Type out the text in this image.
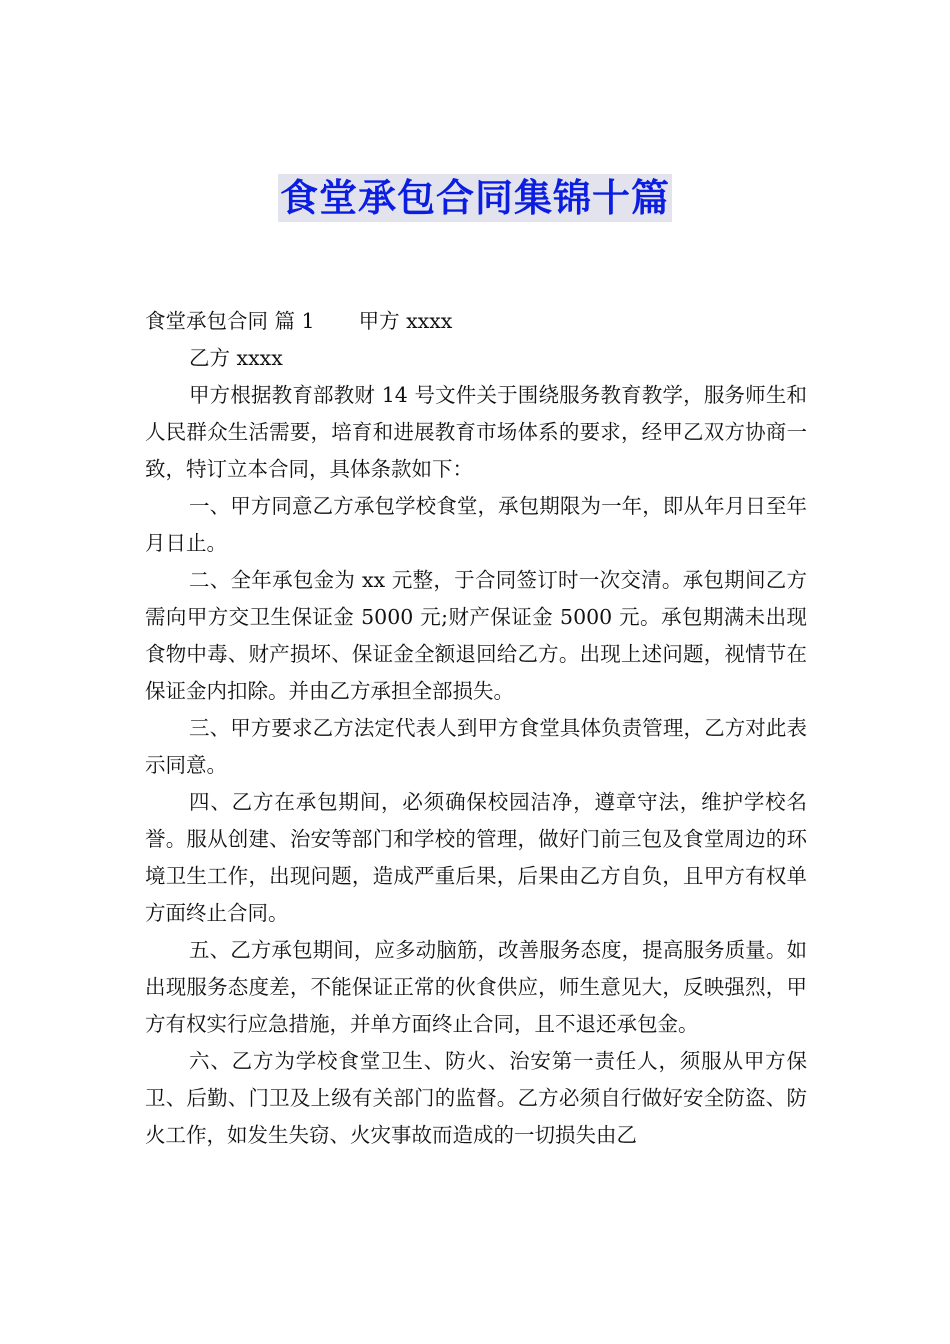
食堂承包合同集锦十篇

食堂承包合同 篇 1 甲方 xxxx

乙方 xxxx

甲方根据教育部教财 14 号文件关于围绕服务教育教学，服务师生和人民群众生活需要，培育和进展教育市场体系的要求，经甲乙双方协商一致，特订立本合同，具体条款如下：

一、甲方同意乙方承包学校食堂，承包期限为一年，即从年月日至年月日止。

二、全年承包金为 xx 元整，于合同签订时一次交清。承包期间乙方需向甲方交卫生保证金 5000 元;财产保证金 5000 元。承包期满未出现食物中毒、财产损坏、保证金全额退回给乙方。出现上述问题，视情节在保证金内扣除。并由乙方承担全部损失。

三、甲方要求乙方法定代表人到甲方食堂具体负责管理，乙方对此表示同意。

四、乙方在承包期间，必须确保校园洁净，遵章守法，维护学校名誉。服从创建、治安等部门和学校的管理，做好门前三包及食堂周边的环境卫生工作，出现问题，造成严重后果，后果由乙方自负，且甲方有权单方面终止合同。

五、乙方承包期间，应多动脑筋，改善服务态度，提高服务质量。如出现服务态度差，不能保证正常的伙食供应，师生意见大，反映强烈，甲方有权实行应急措施，并单方面终止合同，且不退还承包金。

六、乙方为学校食堂卫生、防火、治安第一责任人，须服从甲方保卫、后勤、门卫及上级有关部门的监督。乙方必须自行做好安全防盗、防火工作，如发生失窃、火灾事故而造成的一切损失由乙
